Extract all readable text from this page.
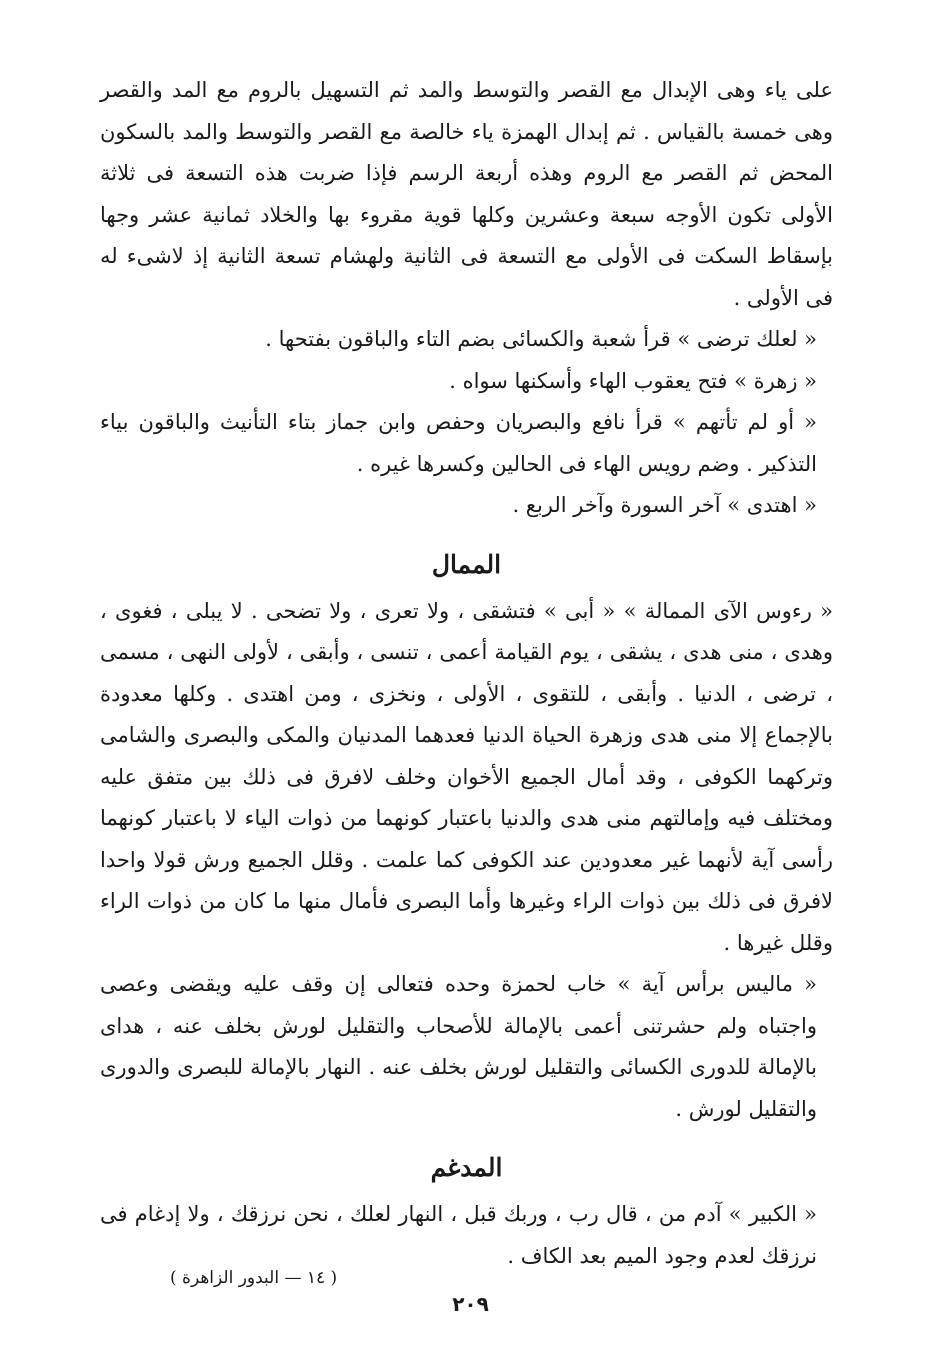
على ياء وهى الإبدال مع القصر والتوسط والمد ثم التسهيل بالروم مع المد والقصر وهى خمسة بالقياس . ثم إبدال الهمزة ياء خالصة مع القصر والتوسط والمد بالسكون المحض ثم القصر مع الروم وهذه أربعة الرسم فإذا ضربت هذه التسعة فى ثلاثة الأولى تكون الأوجه سبعة وعشرين وكلها قوية مقروء بها والخلاد ثمانية عشر وجها بإسقاط السكت فى الأولى مع التسعة فى الثانية ولهشام تسعة الثانية إذ لاشىء له فى الأولى .

« لعلك ترضى » قرأ شعبة والكسائى بضم التاء والباقون بفتحها .

« زهرة » فتح يعقوب الهاء وأسكنها سواه .

« أو لم تأتهم » قرأ نافع والبصريان وحفص وابن جماز بتاء التأنيث والباقون بياء التذكير . وضم رويس الهاء فى الحالين وكسرها غيره .

« اهتدى » آخر السورة وآخر الربع .

الممال

« رءوس الآى الممالة » « أبى » فتشقى ، ولا تعرى ، ولا تضحى . لا يبلى ، فغوى ، وهدى ، منى هدى ، يشقى ، يوم القيامة أعمى ، تنسى ، وأبقى ، لأولى النهى ، مسمى ، ترضى ، الدنيا . وأبقى ، للتقوى ، الأولى ، ونخزى ، ومن اهتدى . وكلها معدودة بالإجماع إلا منى هدى وزهرة الحياة الدنيا فعدهما المدنيان والمكى والبصرى والشامى وتركهما الكوفى ، وقد أمال الجميع الأخوان وخلف لافرق فى ذلك بين متفق عليه ومختلف فيه وإمالتهم منى هدى والدنيا باعتبار كونهما من ذوات الياء لا باعتبار كونهما رأسى آية لأنهما غير معدودين عند الكوفى كما علمت . وقلل الجميع ورش قولا واحدا لافرق فى ذلك بين ذوات الراء وغيرها وأما البصرى فأمال منها ما كان من ذوات الراء وقلل غيرها .

« ماليس برأس آية » خاب لحمزة وحده فتعالى إن وقف عليه ويقضى وعصى واجتباه ولم حشرتنى أعمى بالإمالة للأصحاب والتقليل لورش بخلف عنه ، هداى بالإمالة للدورى الكسائى والتقليل لورش بخلف عنه . النهار بالإمالة للبصرى والدورى والتقليل لورش .

المدغم

« الكبير » آدم من ، قال رب ، وربك قبل ، النهار لعلك ، نحن نرزقك ، ولا إدغام فى نرزقك لعدم وجود الميم بعد الكاف .

( ١٤ — البدور الزاهرة )
٢٠٩
